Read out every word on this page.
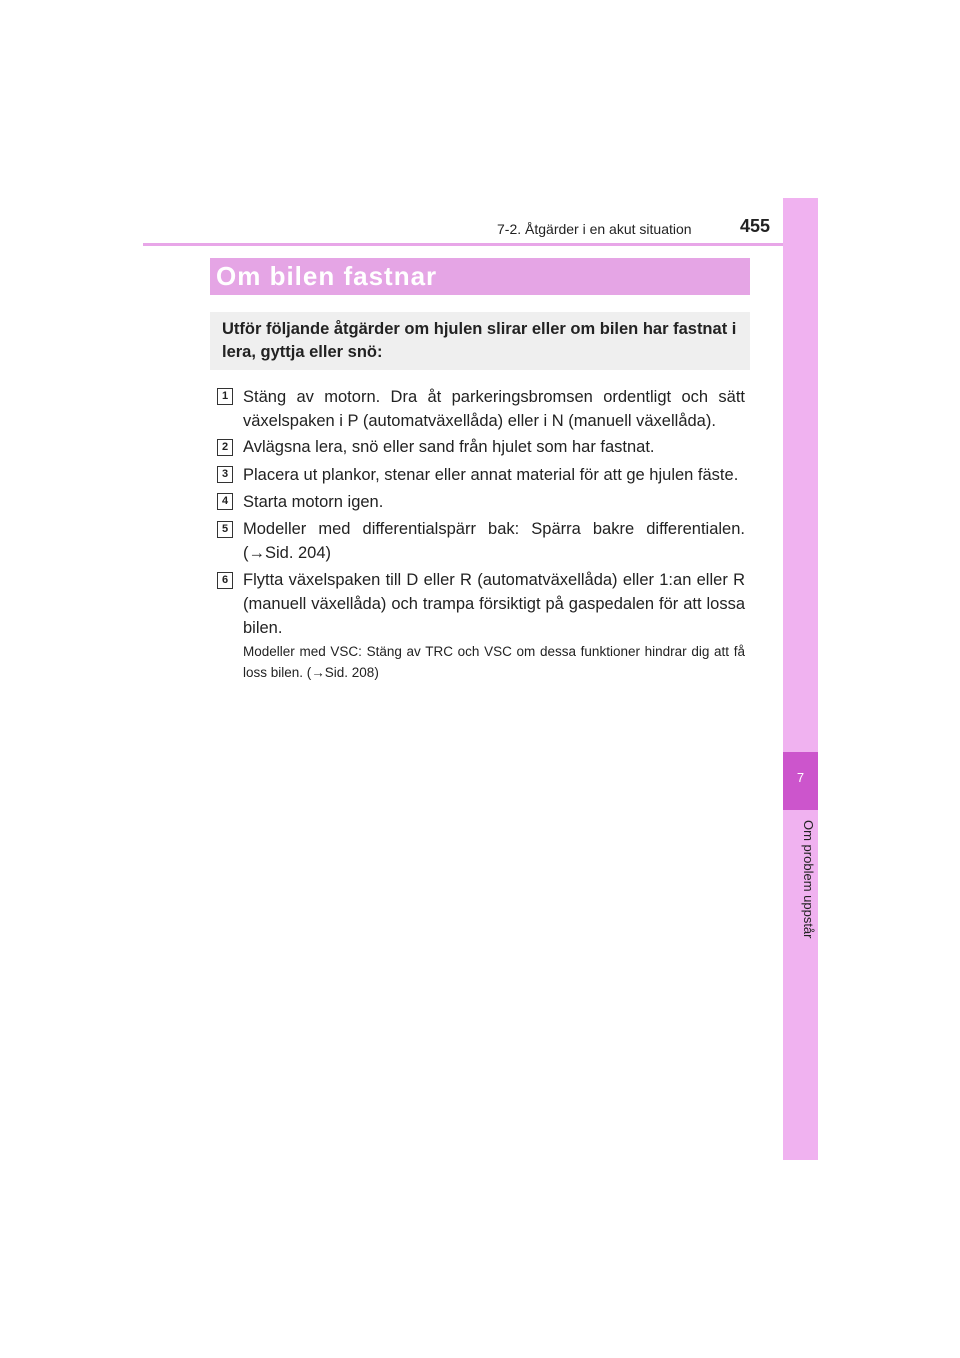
7-2. Åtgärder i en akut situation	455
7
Om problem uppstår
Om bilen fastnar
Utför följande åtgärder om hjulen slirar eller om bilen har fastnat i lera, gyttja eller snö:
1 Stäng av motorn. Dra åt parkeringsbromsen ordentligt och sätt växelspaken i P (automatväxellåda) eller i N (manuell växellåda).
2 Avlägsna lera, snö eller sand från hjulet som har fastnat.
3 Placera ut plankor, stenar eller annat material för att ge hjulen fäste.
4 Starta motorn igen.
5 Modeller med differentialspärr bak: Spärra bakre differentialen. (→Sid. 204)
6 Flytta växelspaken till D eller R (automatväxellåda) eller 1:an eller R (manuell växellåda) och trampa försiktigt på gaspedalen för att lossa bilen.
Modeller med VSC: Stäng av TRC och VSC om dessa funktioner hindrar dig att få loss bilen. (→Sid. 208)
